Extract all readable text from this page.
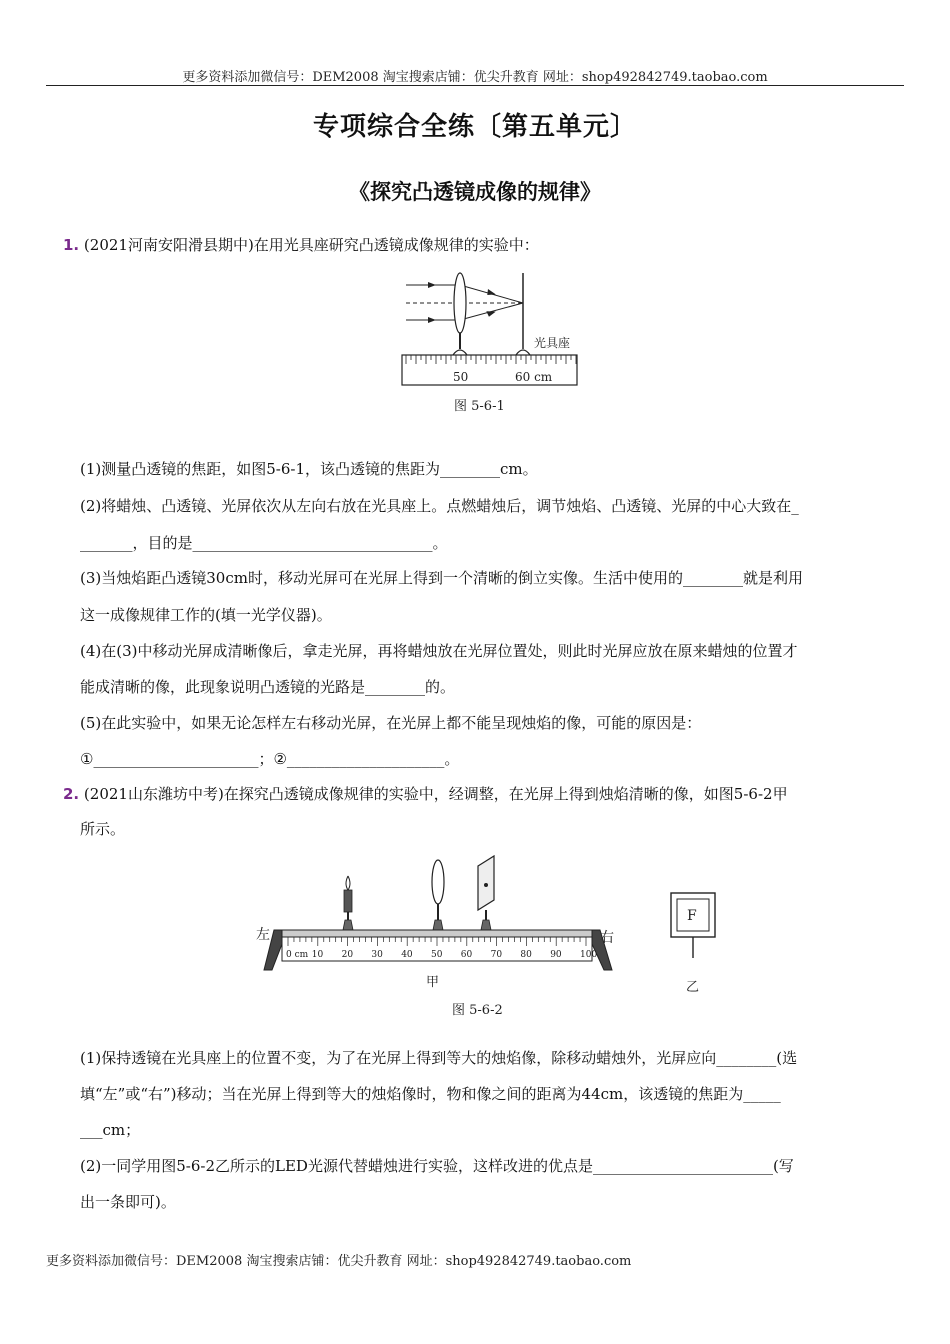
更多资料添加微信号：DEM2008 淘宝搜索店铺：优尖升教育 网址：shop492842749.taobao.com
专项综合全练〔第五单元〕
《探究凸透镜成像的规律》
1. (2021河南安阳滑县期中)在用光具座研究凸透镜成像规律的实验中：
光具座
50	60 cm
图 5-6-1
(1)测量凸透镜的焦距，如图5-6-1，该凸透镜的焦距为________cm。
(2)将蜡烛、凸透镜、光屏依次从左向右放在光具座上。点燃蜡烛后，调节烛焰、凸透镜、光屏的中心大致在_
_______，目的是________________________________。
(3)当烛焰距凸透镜30cm时，移动光屏可在光屏上得到一个清晰的倒立实像。生活中使用的________就是利用
这一成像规律工作的(填一光学仪器)。
(4)在(3)中移动光屏成清晰像后，拿走光屏，再将蜡烛放在光屏位置处，则此时光屏应放在原来蜡烛的位置才
能成清晰的像，此现象说明凸透镜的光路是________的。
(5)在此实验中，如果无论怎样左右移动光屏，在光屏上都不能呈现烛焰的像，可能的原因是：
①______________________；②_____________________。
2. (2021山东潍坊中考)在探究凸透镜成像规律的实验中，经调整，在光屏上得到烛焰清晰的像，如图5-6-2甲
所示。
0 cm 10 20 30 40 50 60 70 80 90 100
左	右
甲
图 5-6-2
F
乙
(1)保持透镜在光具座上的位置不变，为了在光屏上得到等大的烛焰像，除移动蜡烛外，光屏应向________(选
填“左”或“右”)移动；当在光屏上得到等大的烛焰像时，物和像之间的距离为44cm，该透镜的焦距为_____
___cm；
(2)一同学用图5-6-2乙所示的LED光源代替蜡烛进行实验，这样改进的优点是________________________(写
出一条即可)。
更多资料添加微信号：DEM2008 淘宝搜索店铺：优尖升教育 网址：shop492842749.taobao.com
